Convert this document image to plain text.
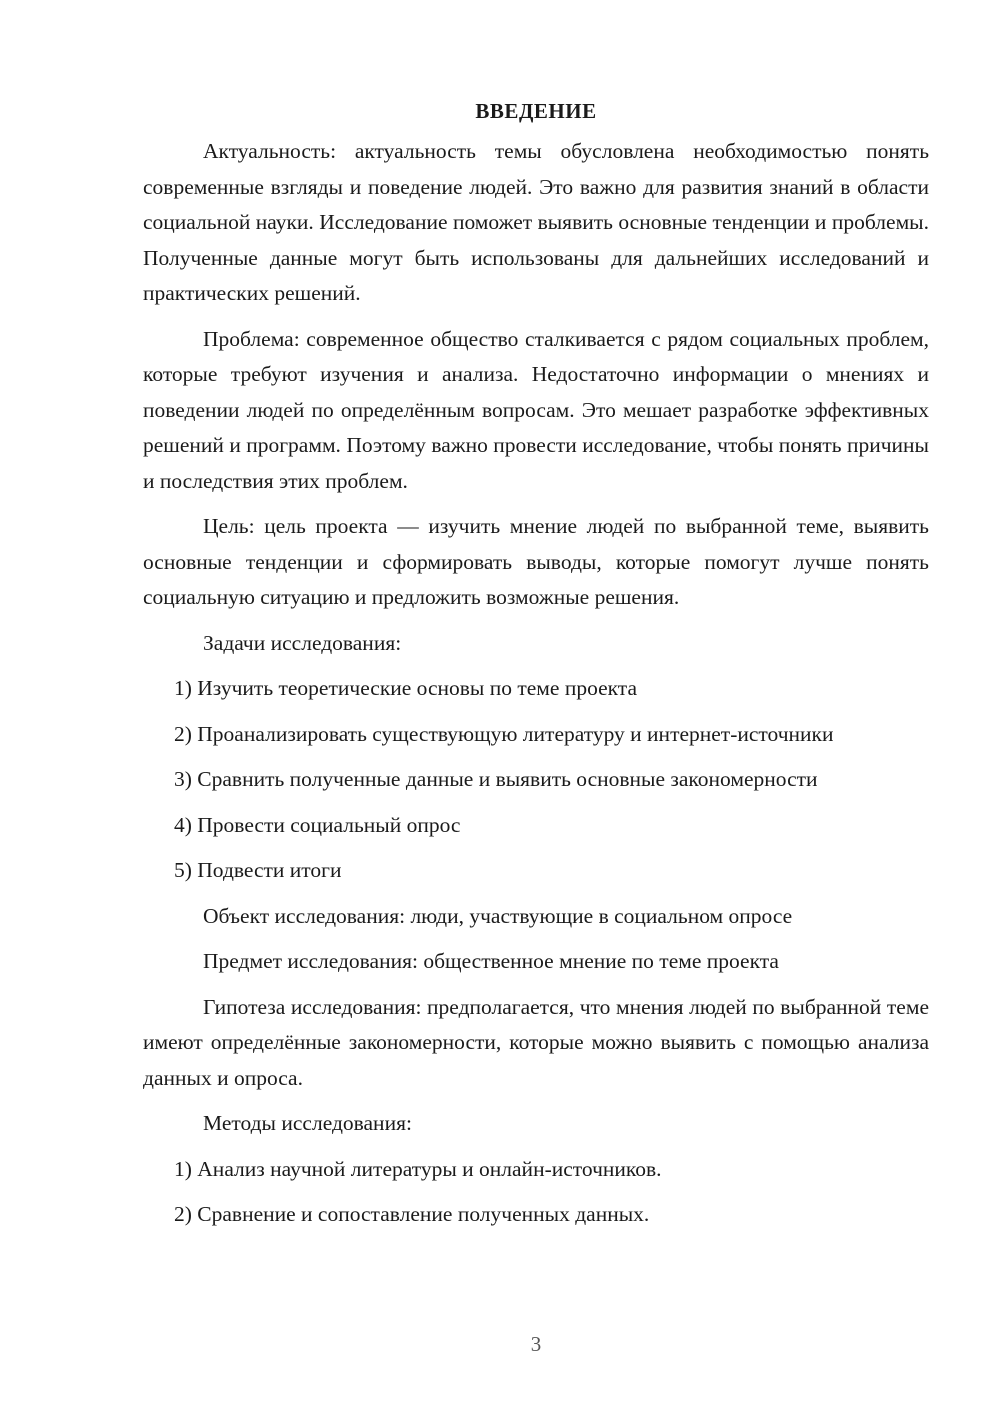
ВВЕДЕНИЕ

Актуальность: актуальность темы обусловлена необходимостью понять современные взгляды и поведение людей. Это важно для развития знаний в области социальной науки. Исследование поможет выявить основные тенденции и проблемы. Полученные данные могут быть использованы для дальнейших исследований и практических решений.

Проблема: современное общество сталкивается с рядом социальных проблем, которые требуют изучения и анализа. Недостаточно информации о мнениях и поведении людей по определённым вопросам. Это мешает разработке эффективных решений и программ. Поэтому важно провести исследование, чтобы понять причины и последствия этих проблем.

Цель: цель проекта — изучить мнение людей по выбранной теме, выявить основные тенденции и сформировать выводы, которые помогут лучше понять социальную ситуацию и предложить возможные решения.

Задачи исследования:

1) Изучить теоретические основы по теме проекта

2) Проанализировать существующую литературу и интернет-источники

3) Сравнить полученные данные и выявить основные закономерности

4) Провести социальный опрос

5) Подвести итоги

Объект исследования: люди, участвующие в социальном опросе

Предмет исследования: общественное мнение по теме проекта

Гипотеза исследования: предполагается, что мнения людей по выбранной теме имеют определённые закономерности, которые можно выявить с помощью анализа данных и опроса.

Методы исследования:

1) Анализ научной литературы и онлайн-источников.

2) Сравнение и сопоставление полученных данных.

3
